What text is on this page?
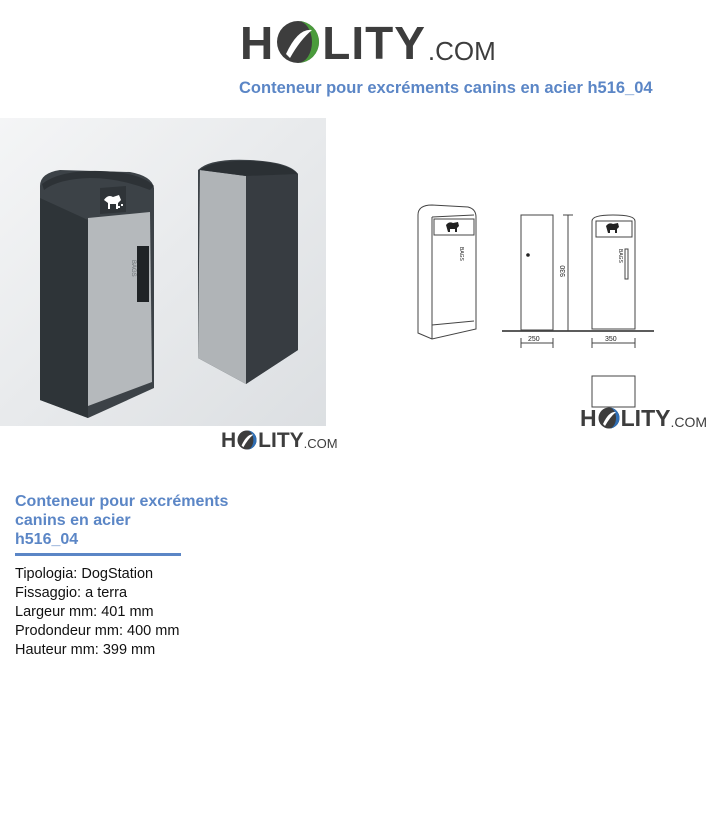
H LITY .COM
Conteneur pour excréments canins en acier h516_04
BAGS
H LITY .COM
BAGS	BAGS
930
250	350
H LITY .COM
Conteneur pour excréments
canins en acier
h516_04
Tipologia: DogStation
Fissaggio: a terra
Largeur mm: 401 mm
Prodondeur mm: 400 mm
Hauteur mm: 399 mm
